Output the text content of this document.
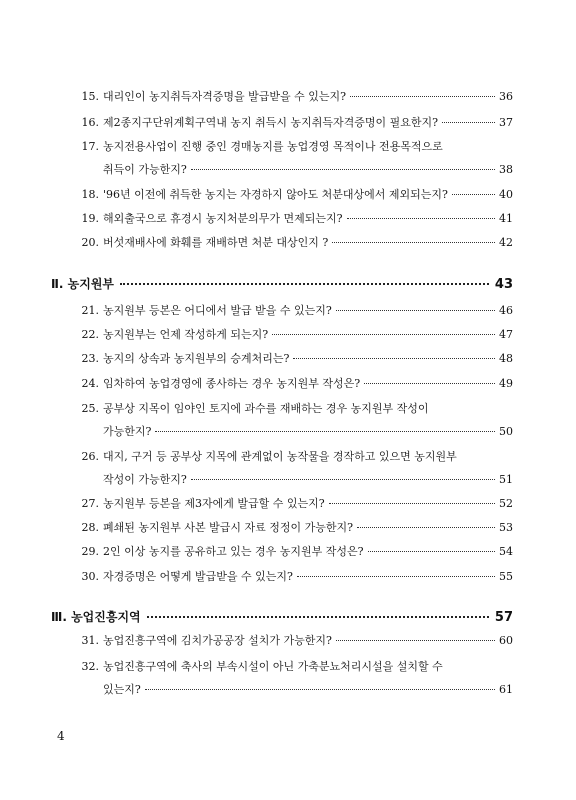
15. 대리인이 농지취득자격증명을 발급받을 수 있는지?	36
16. 제2종지구단위계획구역내 농지 취득시 농지취득자격증명이 필요한지?	37
17. 농지전용사업이 진행 중인 경매농지를 농업경영 목적이나 전용목적으로
취득이 가능한지?	38
18. '96년 이전에 취득한 농지는 자경하지 않아도 처분대상에서 제외되는지?	40
19. 해외출국으로 휴경시 농지처분의무가 면제되는지?	41
20. 버섯재배사에 화훼를 재배하면 처분 대상인지 ?	42
Ⅱ. 농지원부	43
21. 농지원부 등본은 어디에서 발급 받을 수 있는지?	46
22. 농지원부는 언제 작성하게 되는지?	47
23. 농지의 상속과 농지원부의 승계처리는?	48
24. 임차하여 농업경영에 종사하는 경우 농지원부 작성은?	49
25. 공부상 지목이 임야인 토지에 과수를 재배하는 경우 농지원부 작성이
가능한지?	50
26. 대지, 구거 등 공부상 지목에 관계없이 농작물을 경작하고 있으면 농지원부
작성이 가능한지?	51
27. 농지원부 등본을 제3자에게 발급할 수 있는지?	52
28. 폐쇄된 농지원부 사본 발급시 자료 정정이 가능한지?	53
29. 2인 이상 농지를 공유하고 있는 경우 농지원부 작성은?	54
30. 자경증명은 어떻게 발급받을 수 있는지?	55
Ⅲ. 농업진흥지역	57
31. 농업진흥구역에 김치가공공장 설치가 가능한지?	60
32. 농업진흥구역에 축사의 부속시설이 아닌 가축분뇨처리시설을 설치할 수
있는지?	61
4
